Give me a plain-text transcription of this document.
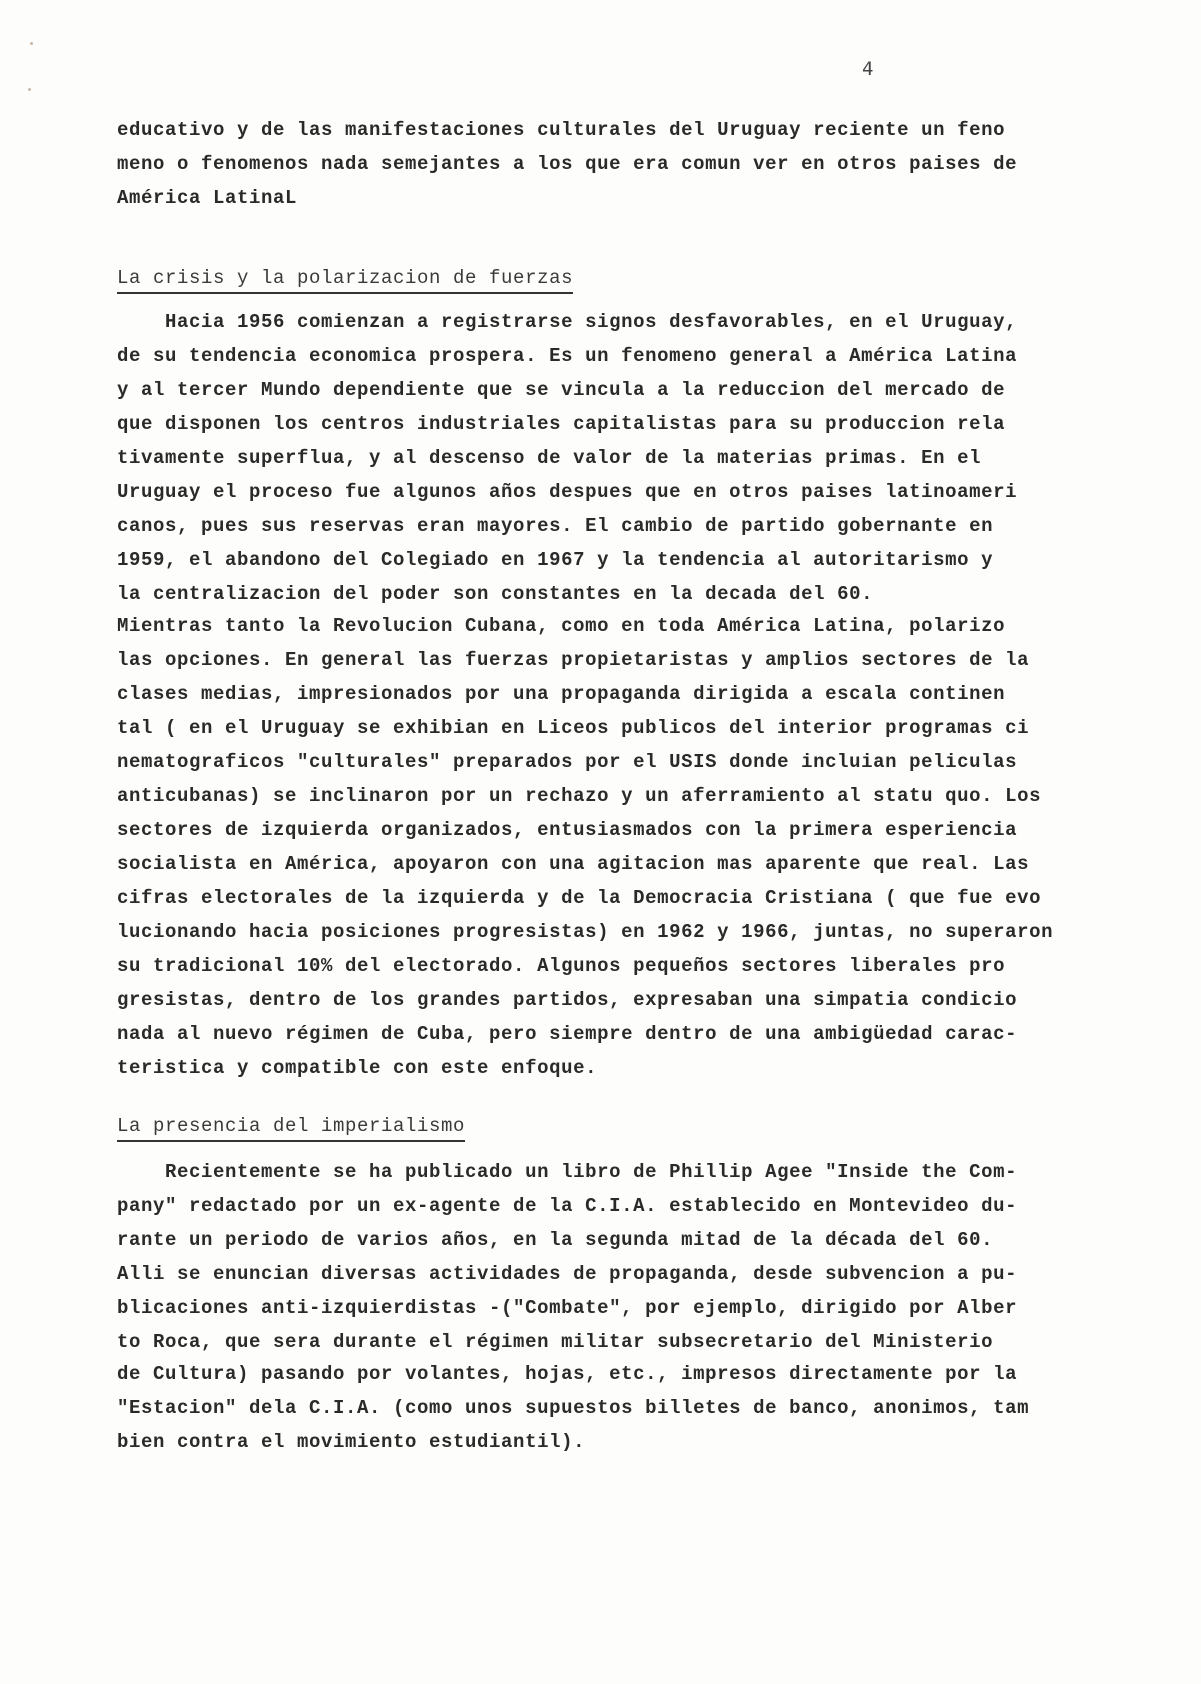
4
educativo y de las manifestaciones culturales del Uruguay reciente un feno
meno o fenomenos nada semejantes a los que era comun ver en otros paises de
América LatinaL
La crisis y la polarizacion de fuerzas
Hacia 1956 comienzan a registrarse signos desfavorables, en el Uruguay,
de su tendencia economica prospera. Es un fenomeno general a América Latina
y al tercer Mundo dependiente que se vincula a la reduccion del mercado de
que disponen los centros industriales capitalistas para su produccion rela
tivamente superflua, y al descenso de valor de la materias primas. En el
Uruguay el proceso fue algunos años despues que en otros paises latinoameri
canos, pues sus reservas eran mayores. El cambio de partido gobernante en
1959, el abandono del Colegiado en 1967 y la tendencia al autoritarismo y
la centralizacion del poder son constantes en la decada del 60.
Mientras tanto la Revolucion Cubana, como en toda América Latina, polarizo
las opciones. En general las fuerzas propietaristas y amplios sectores de la
clases medias, impresionados por una propaganda dirigida a escala continen
tal ( en el Uruguay se exhibian en Liceos publicos del interior programas ci
nematograficos "culturales" preparados por el USIS donde incluian peliculas
anticubanas) se inclinaron por un rechazo y un aferramiento al statu quo. Los
sectores de izquierda organizados, entusiasmados con la primera esperiencia
socialista en América, apoyaron con una agitacion mas aparente que real. Las
cifras electorales de la izquierda y de la Democracia Cristiana ( que fue evo
lucionando hacia posiciones progresistas) en 1962 y 1966, juntas, no superaron
su tradicional 10% del electorado. Algunos pequeños sectores liberales pro
gresistas, dentro de los grandes partidos, expresaban una simpatia condicio
nada al nuevo régimen de Cuba, pero siempre dentro de una ambigüedad carac-
teristica y compatible con este enfoque.
La presencia del imperialismo
Recientemente se ha publicado un libro de Phillip Agee "Inside the Com-
pany" redactado por un ex-agente de la C.I.A. establecido en Montevideo du-
rante un periodo de varios años, en la segunda mitad de la década del 60.
Alli se enuncian diversas actividades de propaganda, desde subvencion a pu-
blicaciones anti-izquierdistas -("Combate", por ejemplo, dirigido por Alber
to Roca, que sera durante el régimen militar subsecretario del Ministerio
de Cultura) pasando por volantes, hojas, etc., impresos directamente por la
"Estacion" dela C.I.A. (como unos supuestos billetes de banco, anonimos, tam
bien contra el movimiento estudiantil).
